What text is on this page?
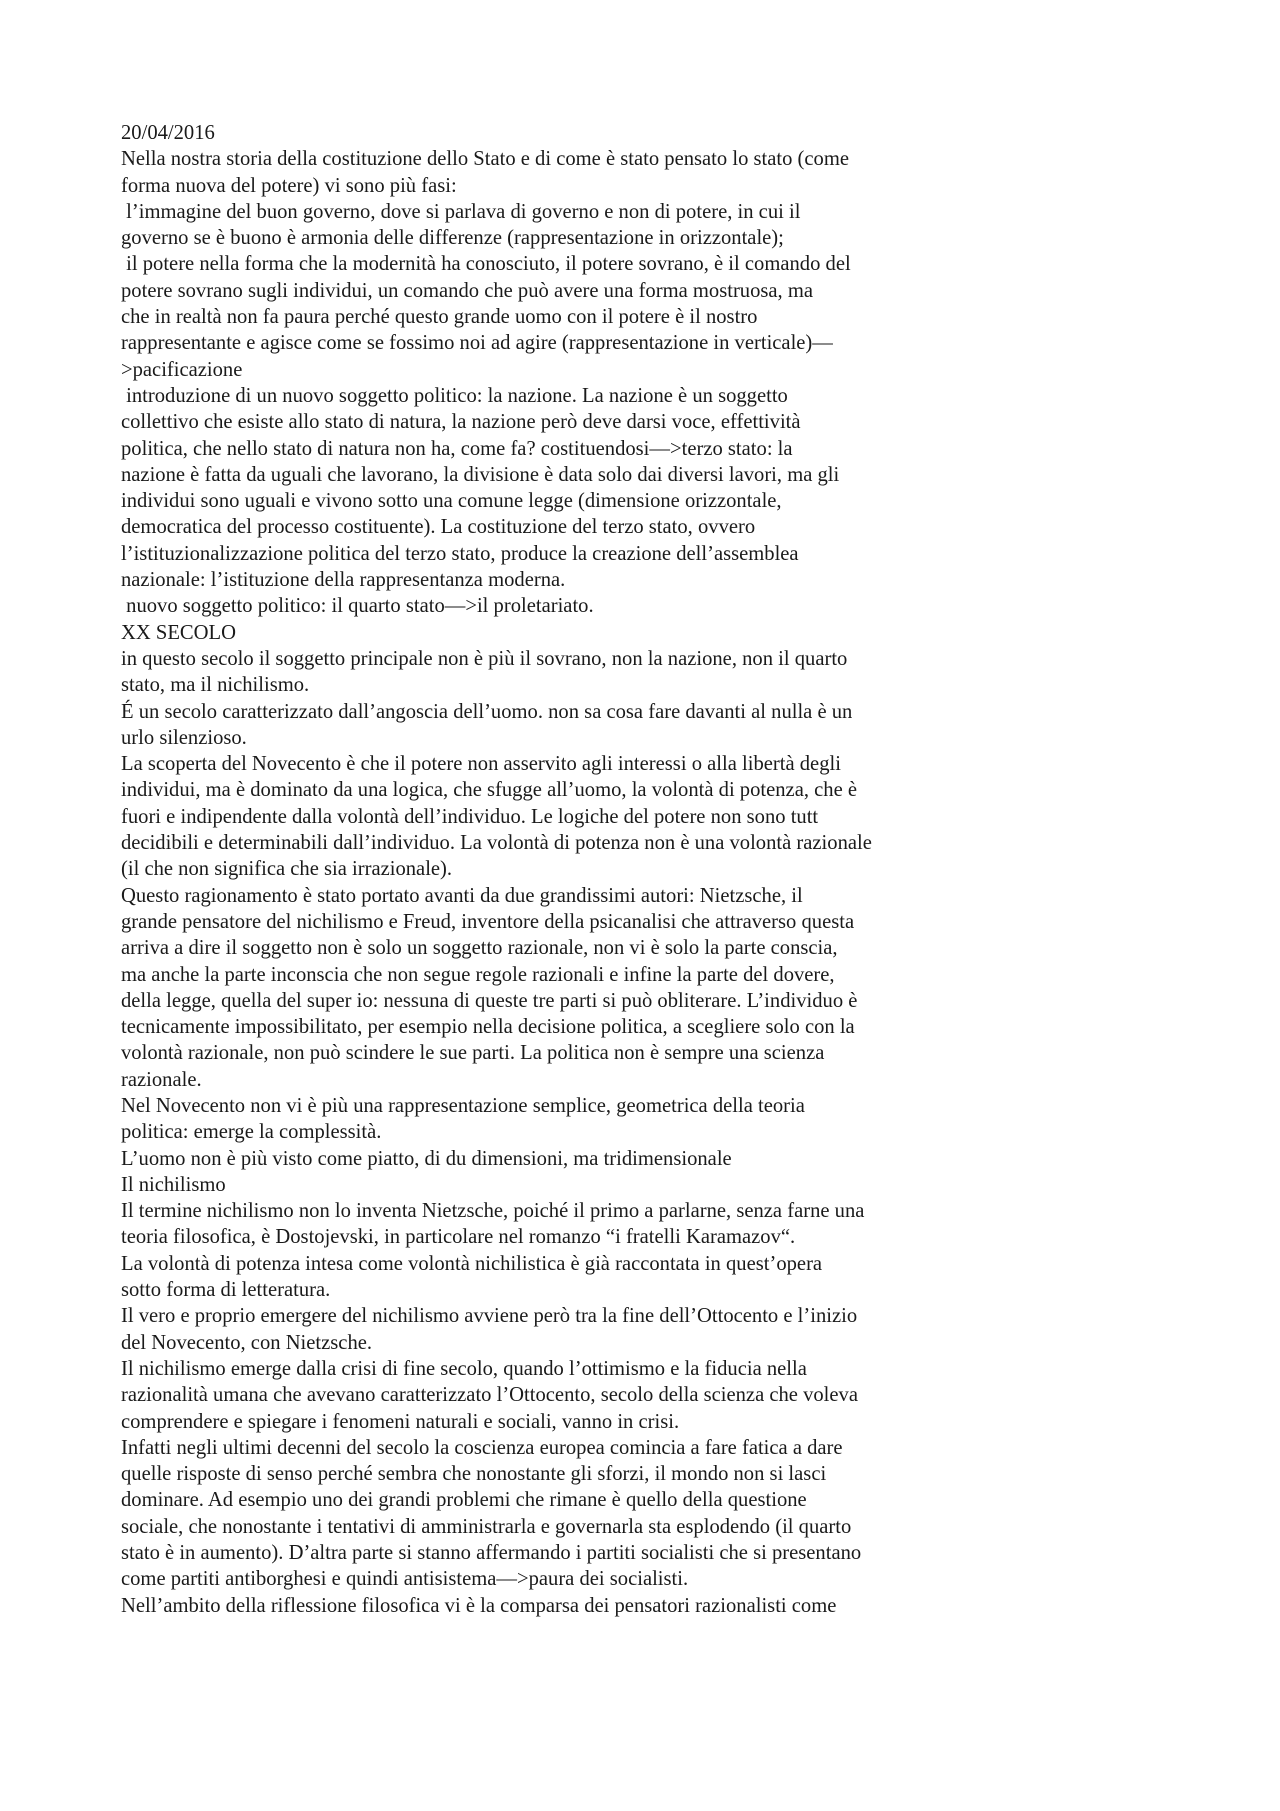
20/04/2016
Nella nostra storia della costituzione dello Stato e di come è stato pensato lo stato (come
forma nuova del potere) vi sono più fasi:
l’immagine del buon governo, dove si parlava di governo e non di potere, in cui il
governo se è buono è armonia delle differenze (rappresentazione in orizzontale);
il potere nella forma che la modernità ha conosciuto, il potere sovrano, è il comando del
potere sovrano sugli individui, un comando che può avere una forma mostruosa, ma
che in realtà non fa paura perché questo grande uomo con il potere è il nostro
rappresentante e agisce come se fossimo noi ad agire (rappresentazione in verticale)—
>pacificazione
introduzione di un nuovo soggetto politico: la nazione. La nazione è un soggetto
collettivo che esiste allo stato di natura, la nazione però deve darsi voce, effettività
politica, che nello stato di natura non ha, come fa? costituendosi—>terzo stato: la
nazione è fatta da uguali che lavorano, la divisione è data solo dai diversi lavori, ma gli
individui sono uguali e vivono sotto una comune legge (dimensione orizzontale,
democratica del processo costituente). La costituzione del terzo stato, ovvero
l’istituzionalizzazione politica del terzo stato, produce la creazione dell’assemblea
nazionale: l’istituzione della rappresentanza moderna.
nuovo soggetto politico: il quarto stato—>il proletariato.
XX SECOLO
in questo secolo il soggetto principale non è più il sovrano, non la nazione, non il quarto
stato, ma il nichilismo.
É un secolo caratterizzato dall’angoscia dell’uomo. non sa cosa fare davanti al nulla è un
urlo silenzioso.
La scoperta del Novecento è che il potere non asservito agli interessi o alla libertà degli
individui, ma è dominato da una logica, che sfugge all’uomo, la volontà di potenza, che è
fuori e indipendente dalla volontà dell’individuo. Le logiche del potere non sono tutt
decidibili e determinabili dall’individuo. La volontà di potenza non è una volontà razionale
(il che non significa che sia irrazionale).
Questo ragionamento è stato portato avanti da due grandissimi autori: Nietzsche, il
grande pensatore del nichilismo e Freud, inventore della psicanalisi che attraverso questa
arriva a dire il soggetto non è solo un soggetto razionale, non vi è solo la parte conscia,
ma anche la parte inconscia che non segue regole razionali e infine la parte del dovere,
della legge, quella del super io: nessuna di queste tre parti si può obliterare. L’individuo è
tecnicamente impossibilitato, per esempio nella decisione politica, a scegliere solo con la
volontà razionale, non può scindere le sue parti. La politica non è sempre una scienza
razionale.
Nel Novecento non vi è più una rappresentazione semplice, geometrica della teoria
politica: emerge la complessità.
L’uomo non è più visto come piatto, di du dimensioni, ma tridimensionale
Il nichilismo
Il termine nichilismo non lo inventa Nietzsche, poiché il primo a parlarne, senza farne una
teoria filosofica, è Dostojevski, in particolare nel romanzo “i fratelli Karamazov“.
La volontà di potenza intesa come volontà nichilistica è già raccontata in quest’opera
sotto forma di letteratura.
Il vero e proprio emergere del nichilismo avviene però tra la fine dell’Ottocento e l’inizio
del Novecento, con Nietzsche.
Il nichilismo emerge dalla crisi di fine secolo, quando l’ottimismo e la fiducia nella
razionalità umana che avevano caratterizzato l’Ottocento, secolo della scienza che voleva
comprendere e spiegare i fenomeni naturali e sociali, vanno in crisi.
Infatti negli ultimi decenni del secolo la coscienza europea comincia a fare fatica a dare
quelle risposte di senso perché sembra che nonostante gli sforzi, il mondo non si lasci
dominare. Ad esempio uno dei grandi problemi che rimane è quello della questione
sociale, che nonostante i tentativi di amministrarla e governarla sta esplodendo (il quarto
stato è in aumento). D’altra parte si stanno affermando i partiti socialisti che si presentano
come partiti antiborghesi e quindi antisistema—>paura dei socialisti.
Nell’ambito della riflessione filosofica vi è la comparsa dei pensatori razionalisti come
